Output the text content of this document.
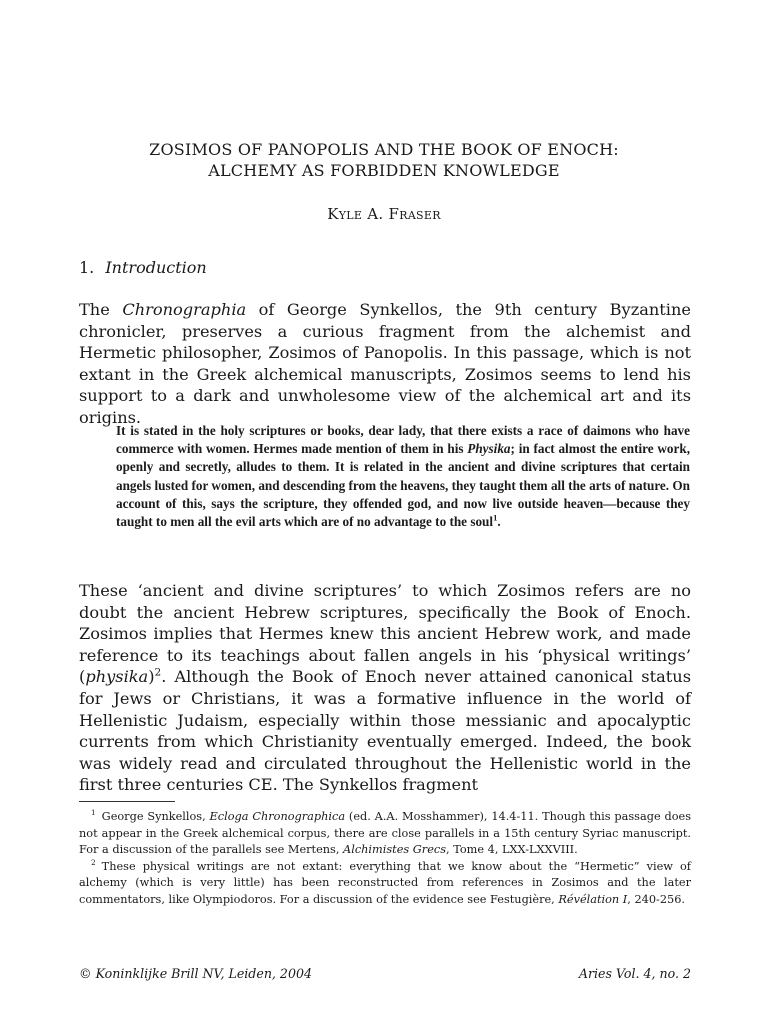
ZOSIMOS OF PANOPOLIS AND THE BOOK OF ENOCH:
ALCHEMY AS FORBIDDEN KNOWLEDGE
Kyle A. Fraser
1. Introduction

The Chronographia of George Synkellos, the 9th century Byzantine chronicler, preserves a curious fragment from the alchemist and Hermetic philosopher, Zosimos of Panopolis. In this passage, which is not extant in the Greek alchemical manuscripts, Zosimos seems to lend his support to a dark and unwholesome view of the alchemical art and its origins.

It is stated in the holy scriptures or books, dear lady, that there exists a race of daimons who have commerce with women. Hermes made mention of them in his Physika; in fact almost the entire work, openly and secretly, alludes to them. It is related in the ancient and divine scriptures that certain angels lusted for women, and descending from the heavens, they taught them all the arts of nature. On account of this, says the scripture, they offended god, and now live outside heaven—because they taught to men all the evil arts which are of no advantage to the soul$^1$.

These ‘ancient and divine scriptures’ to which Zosimos refers are no doubt the ancient Hebrew scriptures, specifically the Book of Enoch. Zosimos implies that Hermes knew this ancient Hebrew work, and made reference to its teachings about fallen angels in his ‘physical writings’ (physika)$^2$. Although the Book of Enoch never attained canonical status for Jews or Christians, it was a formative influence in the world of Hellenistic Judaism, especially within those messianic and apocalyptic currents from which Christianity eventually emerged. Indeed, the book was widely read and circulated throughout the Hellenistic world in the first three centuries CE. The Synkellos fragment

$^1$ George Synkellos, Ecloga Chronographica (ed. A.A. Mosshammer), 14.4-11. Though this passage does not appear in the Greek alchemical corpus, there are close parallels in a 15th century Syriac manuscript. For a discussion of the parallels see Mertens, Alchimistes Grecs, Tome 4, LXX-LXXVIII.

$^2$ These physical writings are not extant: everything that we know about the “Hermetic” view of alchemy (which is very little) has been reconstructed from references in Zosimos and the later commentators, like Olympiodoros. For a discussion of the evidence see Festugière, Révélation I, 240-256.

© Koninklijke Brill NV, Leiden, 2004	Aries Vol. 4, no. 2
